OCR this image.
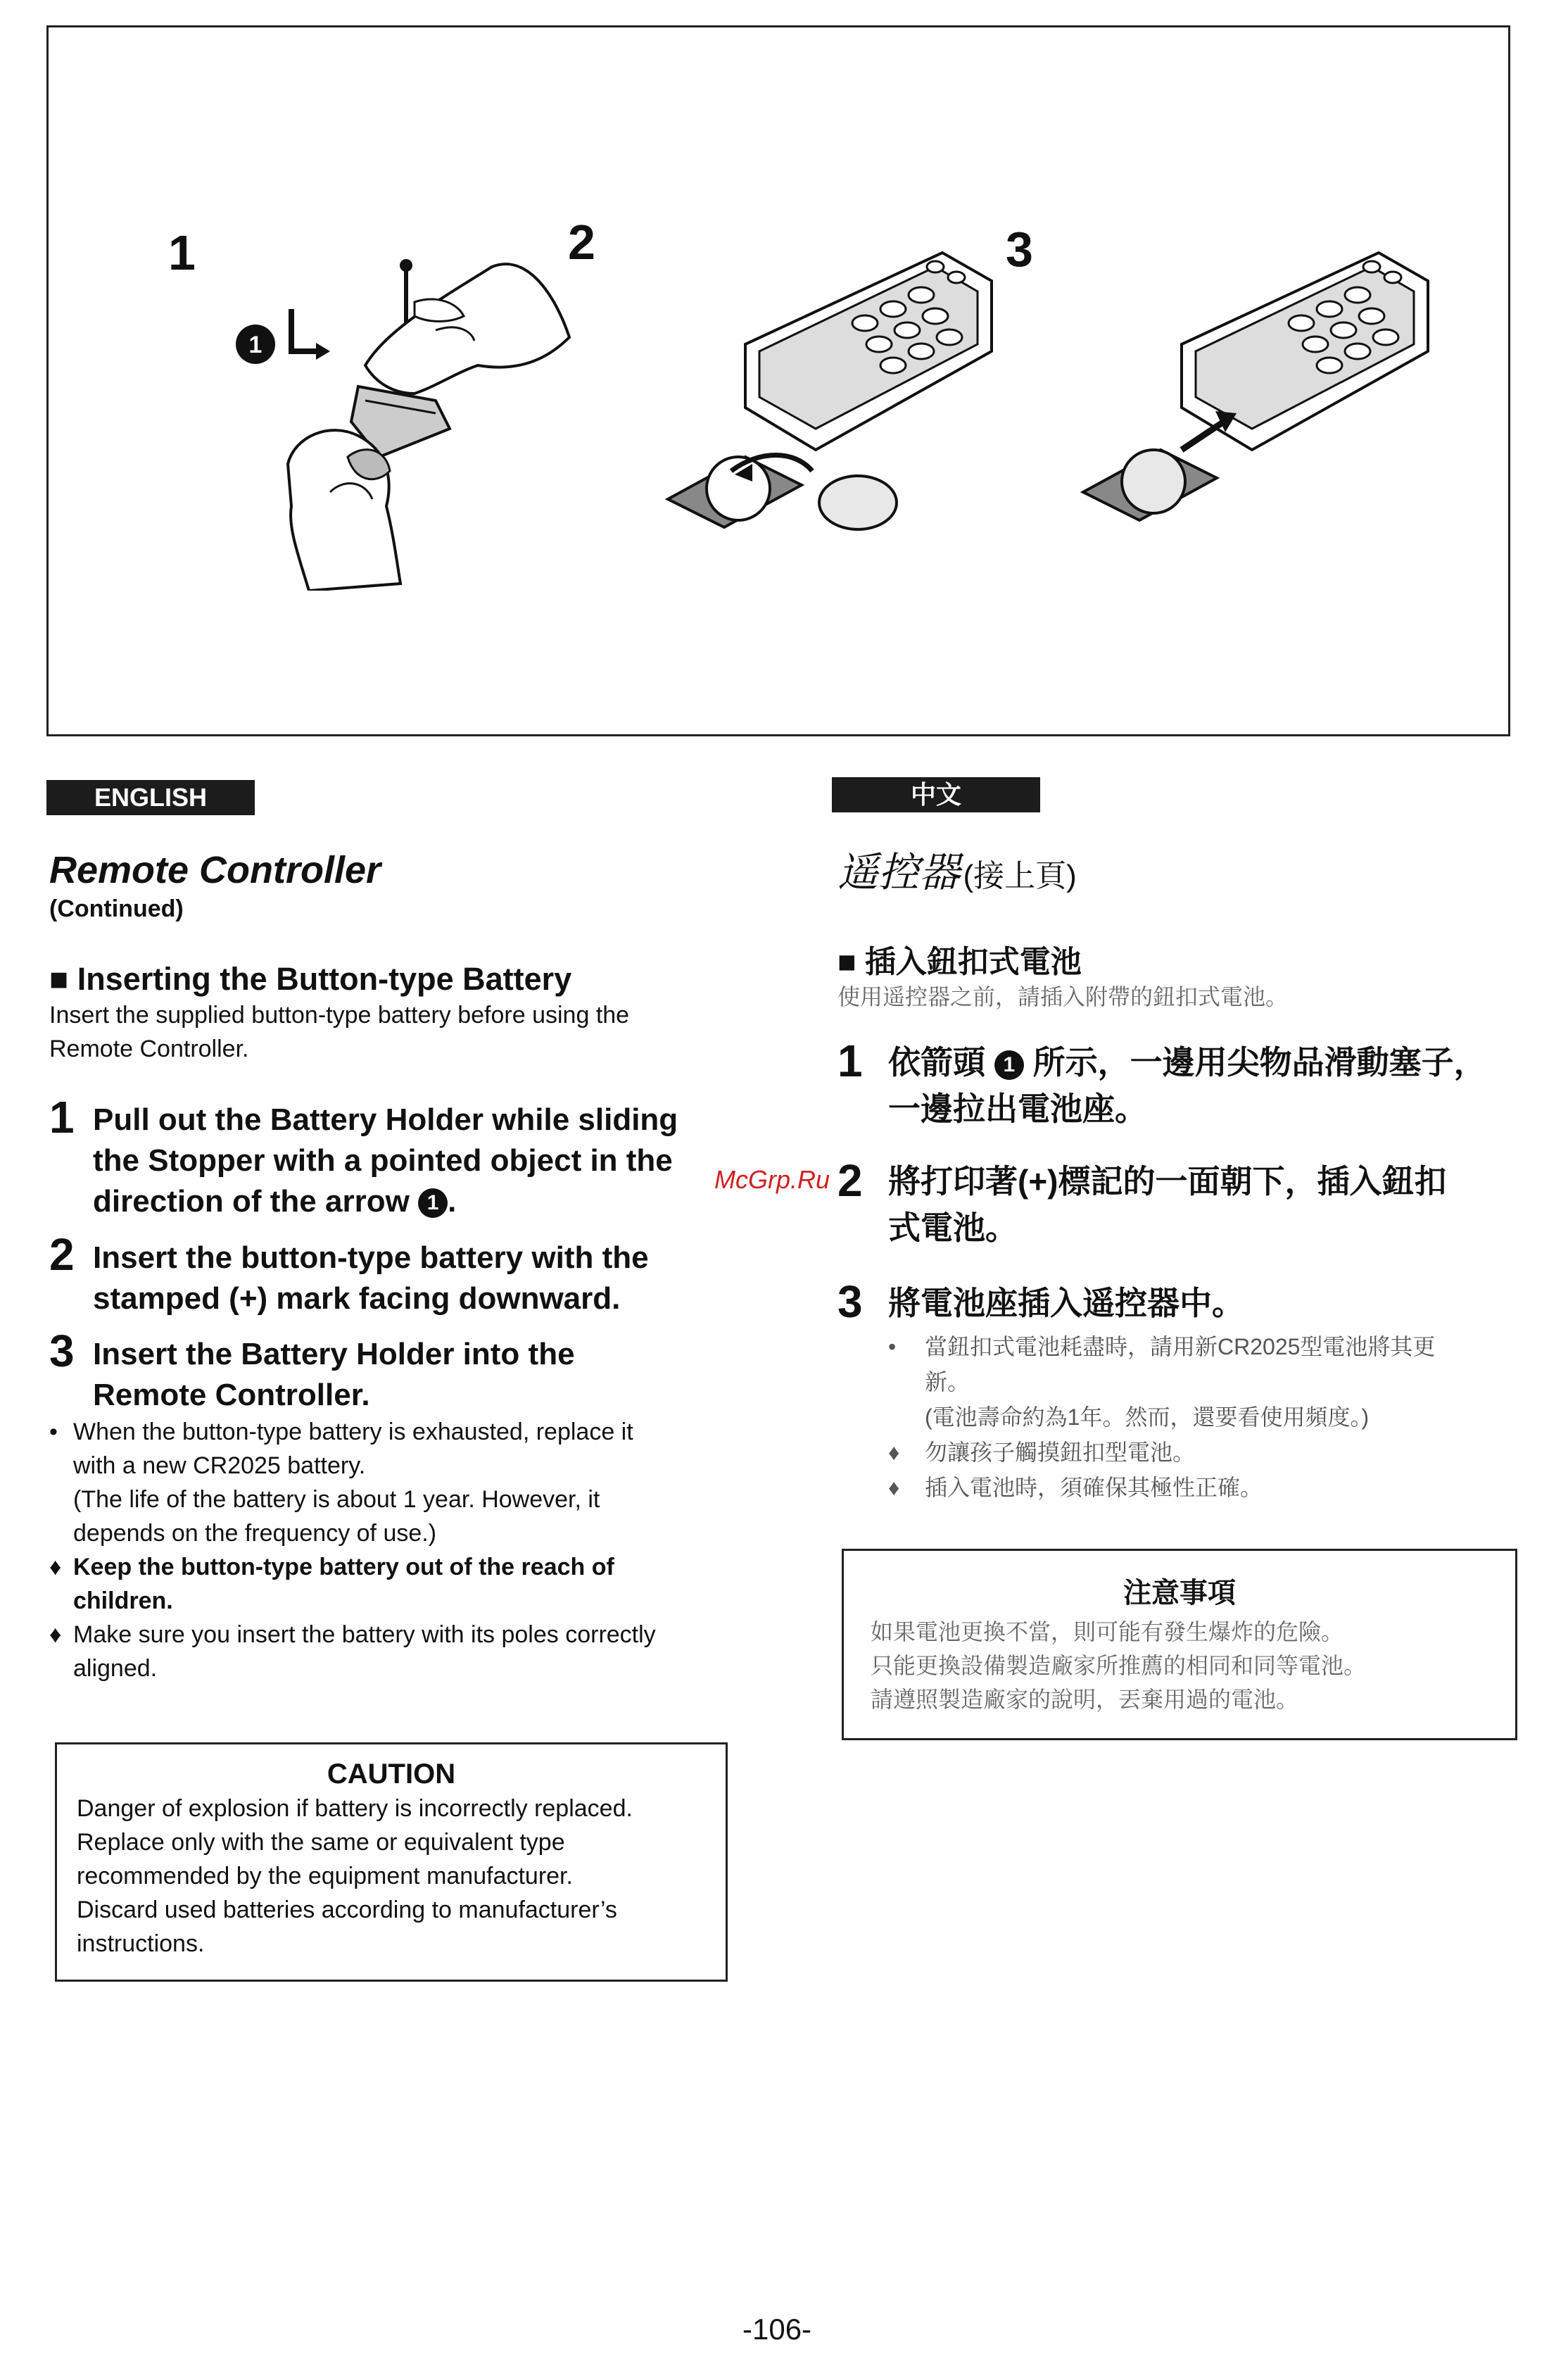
1	2	3
1
ENGLISH
Remote Controller
(Continued)
■ Inserting the Button-type Battery
Insert the supplied button-type battery before using the
Remote Controller.
1 Pull out the Battery Holder while sliding
the Stopper with a pointed object in the
direction of the arrow 1 .
2 Insert the button-type battery with the
stamped (+) mark facing downward.
3 Insert the Battery Holder into the
Remote Controller.
• When the button-type battery is exhausted, replace it
with a new CR2025 battery.
(The life of the battery is about 1 year. However, it
depends on the frequency of use.)
♦ Keep the button-type battery out of the reach of
children.
♦ Make sure you insert the battery with its poles correctly
aligned.
CAUTION
Danger of explosion if battery is incorrectly replaced.
Replace only with the same or equivalent type
recommended by the equipment manufacturer.
Discard used batteries according to manufacturer’s
instructions.
中文
遥控器 (接上頁)
■ 插入鈕扣式電池
使用遥控器之前，請插入附帶的鈕扣式電池。
1 依箭頭 1 所示，一邊用尖物品滑動塞子，
一邊拉出電池座。
2 將打印著(+)標記的一面朝下，插入鈕扣
式電池。
3 將電池座插入遥控器中。
•	當鈕扣式電池耗盡時，請用新CR2025型電池將其更
新。
(電池壽命約為1年。然而，還要看使用頻度。)
♦	勿讓孩子觸摸鈕扣型電池。
♦	插入電池時，須確保其極性正確。
注意事項
如果電池更換不當，則可能有發生爆炸的危險。
只能更換設備製造廠家所推薦的相同和同等電池。
請遵照製造廠家的說明，丟棄用過的電池。
McGrp.Ru
-106-
